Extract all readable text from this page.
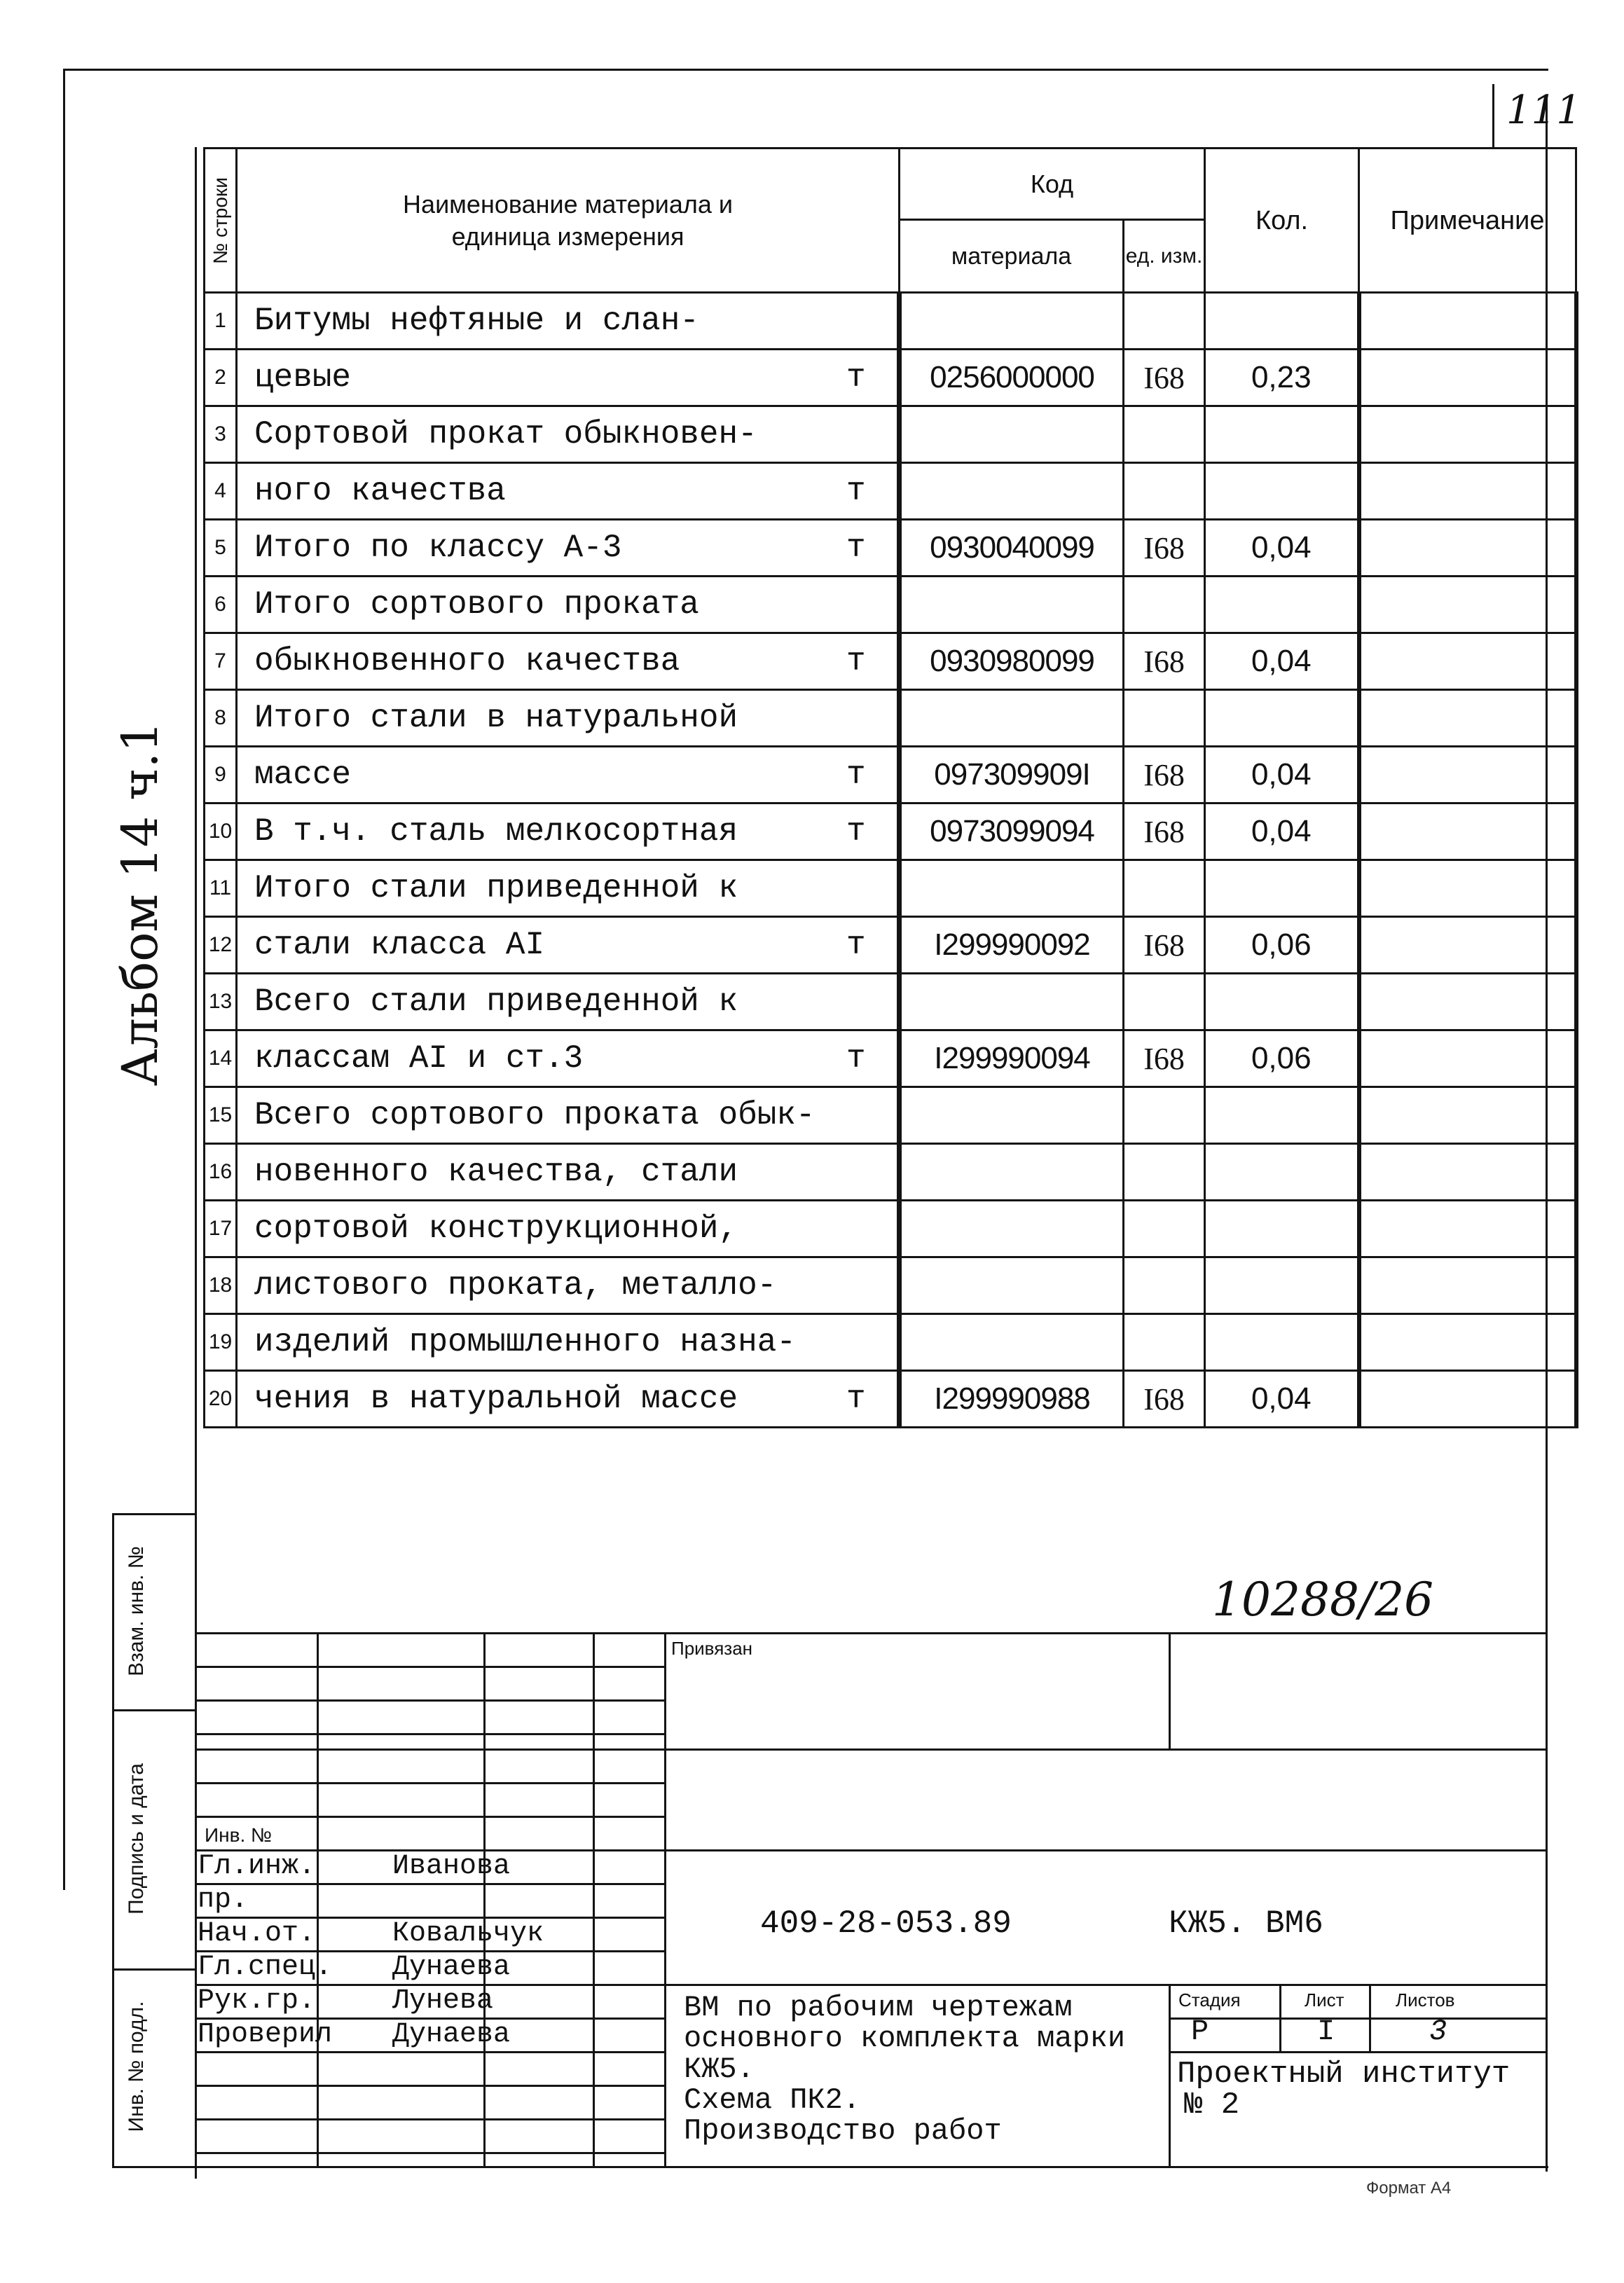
111
Альбом 14 ч.1
№ строки	Наименование материала и единица измерения		Код		Кол.	Примечание
			материала	ед. изм.		
1	Битумы нефтяные и слан-					
2	цевые	т	0256000000	I68	0,23	
3	Сортовой прокат обыкновен-					
4	ного качества	т				
5	Итого по классу А-3	т	0930040099	I68	0,04	
6	Итого сортового проката					
7	обыкновенного качества	т	0930980099	I68	0,04	
8	Итого стали в натуральной					
9	массе	т	097309909I	I68	0,04	
10	В т.ч. сталь мелкосортная	т	0973099094	I68	0,04	
11	Итого стали приведенной к					
12	стали класса AI	т	I299990092	I68	0,06	
13	Всего стали приведенной к					
14	классам AI и ст.3	т	I299990094	I68	0,06	
15	Всего сортового проката обык-					
16	новенного качества, стали					
17	сортовой конструкционной,					
18	листового проката, металло-					
19	изделий промышленного назна-					
20	чения в натуральной массе	т	I299990988	I68	0,04	
10288/26
Взам. инв. №
Подпись и дата
Инв. № подл.
Привязан
Инв. №
Гл.инж.	Иванова
пр.
Нач.от.	Ковальчук
Гл.спец. Дунаева
Рук.гр.	Лунева
Проверил Дунаева
409-28-053.89	КЖ5. ВМ6
ВМ по рабочим чертежам
основного комплекта марки
КЖ5.
Схема ПК2.
Производство работ
Стадия	Лист	Листов
Р	I	3
Проектный институт
№ 2
Формат А4
